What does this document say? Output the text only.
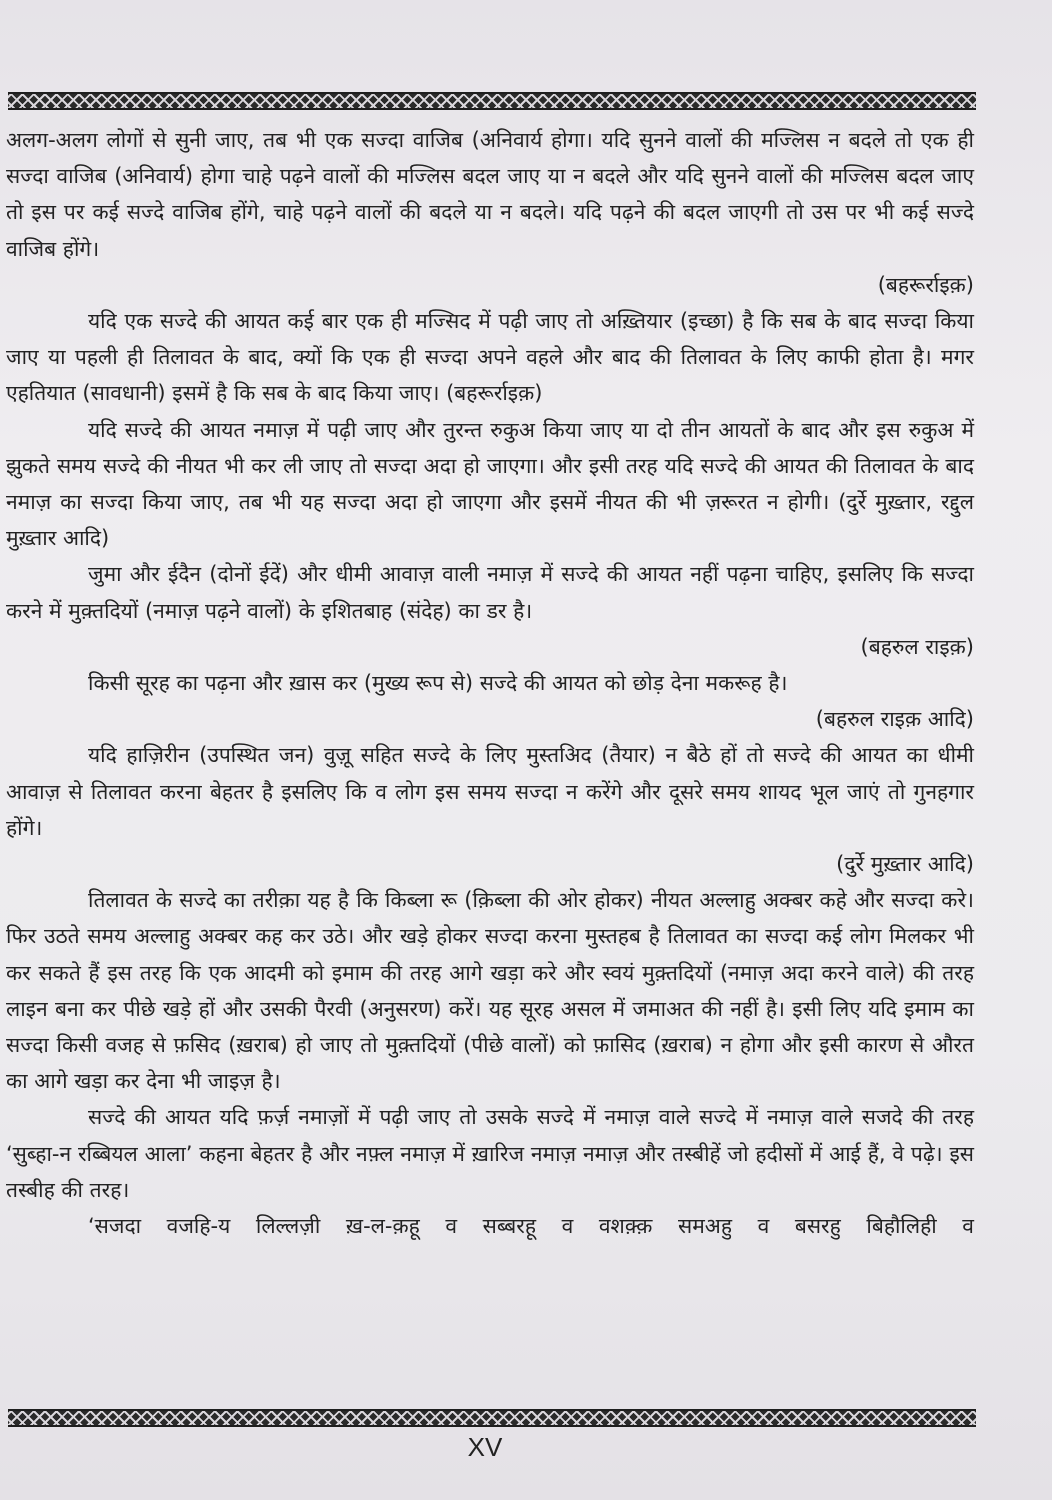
अलग-अलग लोगों से सुनी जाए, तब भी एक सज्दा वाजिब (अनिवार्य होगा। यदि सुनने वालों की मज्लिस न बदले तो एक ही सज्दा वाजिब (अनिवार्य) होगा चाहे पढ़ने वालों की मज्लिस बदल जाए या न बदले और यदि सुनने वालों की मज्लिस बदल जाए तो इस पर कई सज्दे वाजिब होंगे, चाहे पढ़ने वालों की बदले या न बदले। यदि पढ़ने की बदल जाएगी तो उस पर भी कई सज्दे वाजिब होंगे।

(बहरूर्राइक़)

यदि एक सज्दे की आयत कई बार एक ही मज्सिद में पढ़ी जाए तो अख़्तियार (इच्छा) है कि सब के बाद सज्दा किया जाए या पहली ही तिलावत के बाद, क्यों कि एक ही सज्दा अपने वहले और बाद की तिलावत के लिए काफी होता है। मगर एहतियात (सावधानी) इसमें है कि सब के बाद किया जाए। (बहरूर्राइक़)

यदि सज्दे की आयत नमाज़ में पढ़ी जाए और तुरन्त रुकुअ किया जाए या दो तीन आयतों के बाद और इस रुकुअ में झुकते समय सज्दे की नीयत भी कर ली जाए तो सज्दा अदा हो जाएगा। और इसी तरह यदि सज्दे की आयत की तिलावत के बाद नमाज़ का सज्दा किया जाए, तब भी यह सज्दा अदा हो जाएगा और इसमें नीयत की भी ज़रूरत न होगी। (दुर्रे मुख़्तार, रद्दुल मुख़्तार आदि)

जुमा और ईदैन (दोनों ईदें) और धीमी आवाज़ वाली नमाज़ में सज्दे की आयत नहीं पढ़ना चाहिए, इसलिए कि सज्दा करने में मुक़्तदियों (नमाज़ पढ़ने वालों) के इशितबाह (संदेह) का डर है।

(बहरुल राइक़)

किसी सूरह का पढ़ना और ख़ास कर (मुख्य रूप से) सज्दे की आयत को छोड़ देना मकरूह है।

(बहरुल राइक़ आदि)

यदि हाज़िरीन (उपस्थित जन) वुज़ू सहित सज्दे के लिए मुस्तअिद (तैयार) न बैठे हों तो सज्दे की आयत का धीमी आवाज़ से तिलावत करना बेहतर है इसलिए कि व लोग इस समय सज्दा न करेंगे और दूसरे समय शायद भूल जाएं तो गुनहगार होंगे।

(दुर्रे मुख़्तार आदि)

तिलावत के सज्दे का तरीक़ा यह है कि किब्ला रू (क़िब्ला की ओर होकर) नीयत अल्लाहु अक्बर कहे और सज्दा करे। फिर उठते समय अल्लाहु अक्बर कह कर उठे। और खड़े होकर सज्दा करना मुस्तहब है तिलावत का सज्दा कई लोग मिलकर भी कर सकते हैं इस तरह कि एक आदमी को इमाम की तरह आगे खड़ा करे और स्वयं मुक़्तदियों (नमाज़ अदा करने वाले) की तरह लाइन बना कर पीछे खड़े हों और उसकी पैरवी (अनुसरण) करें। यह सूरह असल में जमाअत की नहीं है। इसी लिए यदि इमाम का सज्दा किसी वजह से फ़सिद (ख़राब) हो जाए तो मुक़्तदियों (पीछे वालों) को फ़ासिद (ख़राब) न होगा और इसी कारण से औरत का आगे खड़ा कर देना भी जाइज़ है।

सज्दे की आयत यदि फ़र्ज़ नमाज़ों में पढ़ी जाए तो उसके सज्दे में नमाज़ वाले सज्दे में नमाज़ वाले सजदे की तरह ‘सुब्हा-न रब्बियल आला’ कहना बेहतर है और नफ़्ल नमाज़ में ख़ारिज नमाज़ नमाज़ और तस्बीहें जो हदीसों में आई हैं, वे पढ़े। इस तस्बीह की तरह।

‘सजदा वजहि-य लिल्लज़ी ख़-ल-क़हू व सब्बरहू व वशक़्क़ समअहु व बसरहु बिहौलिही व

XV
